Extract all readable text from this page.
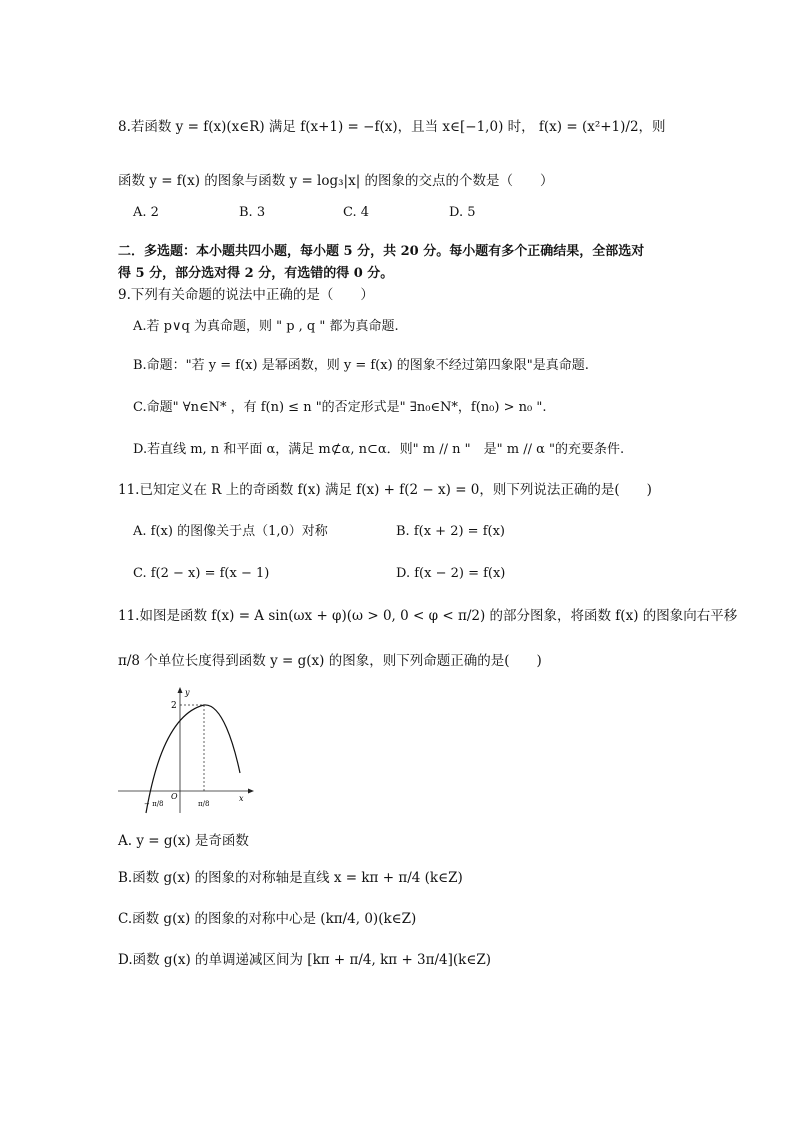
8.若函数 y = f(x)(x∈R) 满足 f(x+1) = −f(x)，且当 x∈[−1,0) 时， f(x) = (x²+1)/2，则
函数 y = f(x) 的图象与函数 y = log₃|x| 的图象的交点的个数是（　　）
A. 2	B. 3	C. 4	D. 5
二．多选题：本小题共四小题，每小题 5 分，共 20 分。每小题有多个正确结果，全部选对
得 5 分，部分选对得 2 分，有选错的得 0 分。
9.下列有关命题的说法中正确的是（　　）
A.若 p∨q 为真命题，则 " p , q " 都为真命题.
B.命题："若 y = f(x) 是幂函数，则 y = f(x) 的图象不经过第四象限"是真命题.
C.命题" ∀n∈N* ，有 f(n) ≤ n "的否定形式是" ∃n₀∈N*，f(n₀) > n₀ ".
D.若直线 m, n 和平面 α，满足 m⊄α, n⊂α．则" m // n "　是" m // α "的充要条件.
11.已知定义在 R 上的奇函数 f(x) 满足 f(x) + f(2 − x) = 0，则下列说法正确的是(　　)
A. f(x) 的图像关于点（1,0）对称	B. f(x + 2) = f(x)
C. f(2 − x) = f(x − 1)	D. f(x − 2) = f(x)
11.如图是函数 f(x) = A sin(ωx + φ)(ω > 0, 0 < φ < π/2) 的部分图象，将函数 f(x) 的图象向右平移
π/8 个单位长度得到函数 y = g(x) 的图象，则下列命题正确的是(　　)
y
x
O
2
− π/8	π/8
A. y = g(x) 是奇函数
B.函数 g(x) 的图象的对称轴是直线 x = kπ + π/4 (k∈Z)
C.函数 g(x) 的图象的对称中心是 (kπ/4, 0)(k∈Z)
D.函数 g(x) 的单调递减区间为 [kπ + π/4, kπ + 3π/4](k∈Z)
